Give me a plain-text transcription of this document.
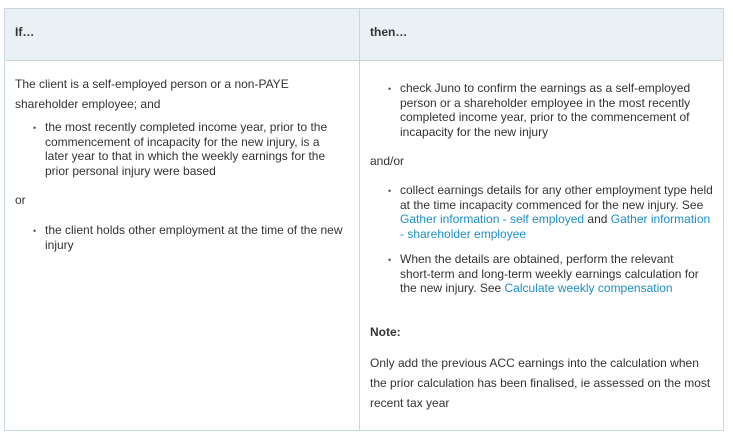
If…	then…
The client is a self-employed person or a non-PAYE shareholder employee; and
• the most recently completed income year, prior to the commencement of incapacity for the new injury, is a later year to that in which the weekly earnings for the prior personal injury were based
or
• the client holds other employment at the time of the new injury
• check Juno to confirm the earnings as a self-employed person or a shareholder employee in the most recently completed income year, prior to the commencement of incapacity for the new injury
and/or
• collect earnings details for any other employment type held at the time incapacity commenced for the new injury. See Gather information - self employed and Gather information - shareholder employee
• When the details are obtained, perform the relevant short-term and long-term weekly earnings calculation for the new injury. See Calculate weekly compensation
Note:
Only add the previous ACC earnings into the calculation when the prior calculation has been finalised, ie assessed on the most recent tax year
